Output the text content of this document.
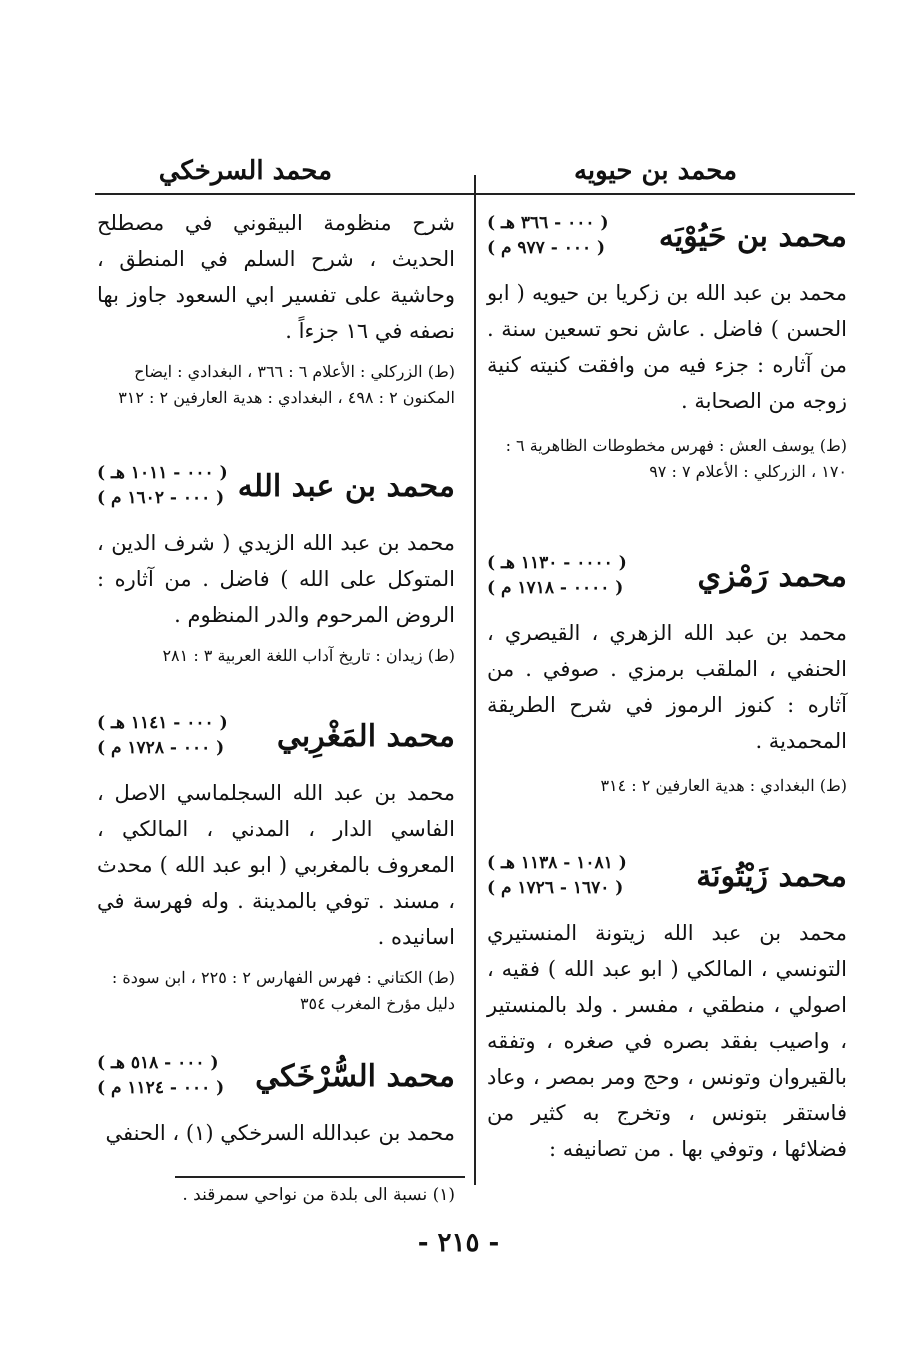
محمد بن حيويه
محمد السرخكي
محمد بن حَيُوْيَه
( ٠٠٠ - ٣٦٦ هـ )
( ٠٠٠ - ٩٧٧ م )

محمد بن عبد الله بن زكريا بن حيويه ( ابو الحسن ) فاضل . عاش نحو تسعين سنة . من آثاره : جزء فيه من وافقت كنيته كنية زوجه من الصحابة .

(ط) يوسف العش : فهرس مخطوطات الظاهرية ٦ : ١٧٠ ، الزركلي : الأعلام ٧ : ٩٧

محمد رَمْزي
( ٠٠٠٠ - ١١٣٠ هـ )
( ٠٠٠٠ - ١٧١٨ م )

محمد بن عبد الله الزهري ، القيصري ، الحنفي ، الملقب برمزي . صوفي . من آثاره : كنوز الرموز في شرح الطريقة المحمدية .

(ط) البغدادي : هدية العارفين ٢ : ٣١٤

محمد زَيْتُونَة
( ١٠٨١ - ١١٣٨ هـ )
( ١٦٧٠ - ١٧٢٦ م )

محمد بن عبد الله زيتونة المنستيري التونسي ، المالكي ( ابو عبد الله ) فقيه ، اصولي ، منطقي ، مفسر . ولد بالمنستير ، واصيب بفقد بصره في صغره ، وتفقه بالقيروان وتونس ، وحج ومر بمصر ، وعاد فاستقر بتونس ، وتخرج به كثير من فضلائها ، وتوفي بها . من تصانيفه :

شرح منظومة البيقوني في مصطلح الحديث ، شرح السلم في المنطق ، وحاشية على تفسير ابي السعود جاوز بها نصفه في ١٦ جزءاً .

(ط) الزركلي : الأعلام ٦ : ٣٦٦ ، البغدادي : ايضاح المكنون ٢ : ٤٩٨ ، البغدادي : هدية العارفين ٢ : ٣١٢

محمد بن عبد الله
( ٠٠٠ - ١٠١١ هـ )
( ٠٠٠ - ١٦٠٢ م )

محمد بن عبد الله الزيدي ( شرف الدين ، المتوكل على الله ) فاضل . من آثاره : الروض المرحوم والدر المنظوم .

(ط) زيدان : تاريخ آداب اللغة العربية ٣ : ٢٨١

محمد المَغْرِبي
( ٠٠٠ - ١١٤١ هـ )
( ٠٠٠ - ١٧٢٨ م )

محمد بن عبد الله السجلماسي الاصل ، الفاسي الدار ، المدني ، المالكي ، المعروف بالمغربي ( ابو عبد الله ) محدث ، مسند . توفي بالمدينة . وله فهرسة في اسانيده .

(ط) الكتاني : فهرس الفهارس ٢ : ٢٢٥ ، ابن سودة : دليل مؤرخ المغرب ٣٥٤

محمد السُّرْخَكي
( ٠٠٠ - ٥١٨ هـ )
( ٠٠٠ - ١١٢٤ م )

محمد بن عبدالله السرخكي (١) ، الحنفي

(١) نسبة الى بلدة من نواحي سمرقند .
- ٢١٥ -
